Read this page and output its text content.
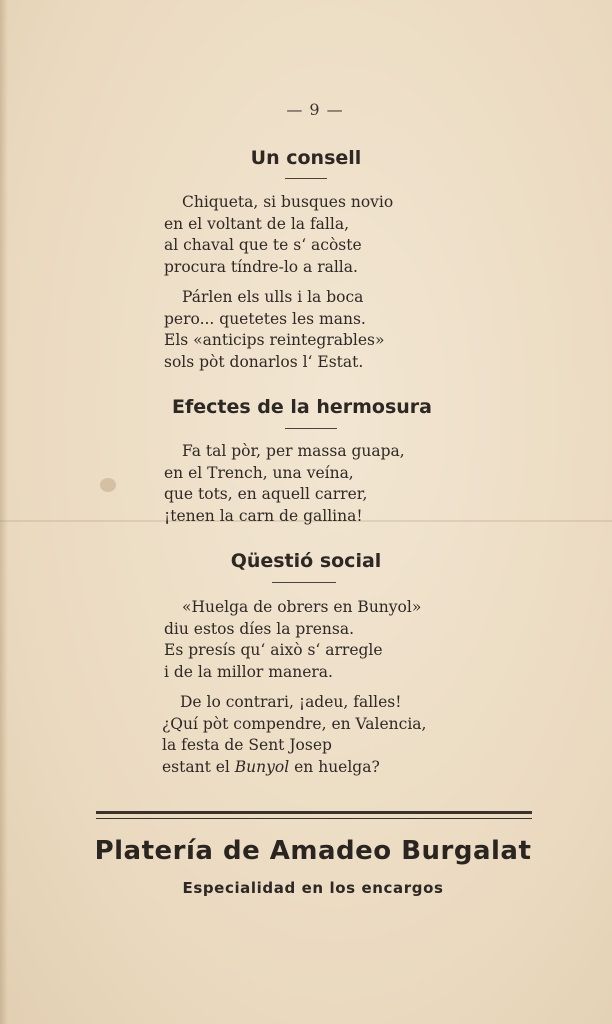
— 9 —
Un consell
Chiqueta, si busques novio
en el voltant de la falla,
al chaval que te s‘ acòste
procura tíndre-lo a ralla.
Párlen els ulls i la boca
pero... quetetes les mans.
Els «anticips reintegrables»
sols pòt donarlos l‘ Estat.
Efectes de la hermosura
Fa tal pòr, per massa guapa,
en el Trench, una veína,
que tots, en aquell carrer,
¡tenen la carn de gallina!
Qüestió social
«Huelga de obrers en Bunyol»
diu estos díes la prensa.
Es presís qu‘ això s‘ arregle
i de la millor manera.
De lo contrari, ¡adeu, falles!
¿Quí pòt compendre, en Valencia,
la festa de Sent Josep
estant el Bunyol en huelga?
Platería de Amadeo Burgalat
Especialidad en los encargos
